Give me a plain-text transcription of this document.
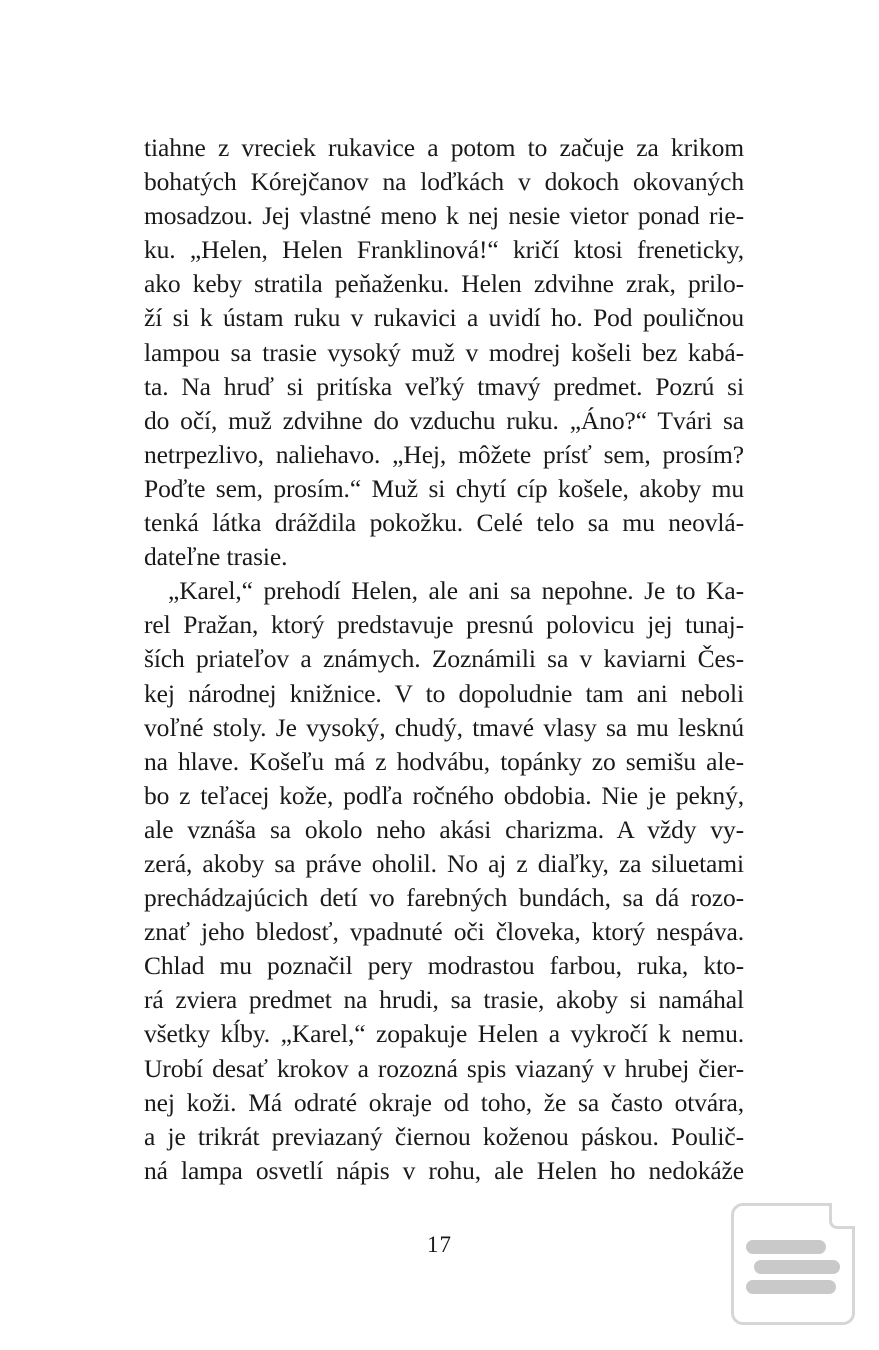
tiahne z vreciek rukavice a potom to začuje za krikom
bohatých Kórejčanov na loďkách v dokoch okovaných
mosadzou. Jej vlastné meno k nej nesie vietor ponad rie-
ku. „Helen, Helen Franklinová!“ kričí ktosi freneticky,
ako keby stratila peňaženku. Helen zdvihne zrak, prilo-
ží si k ústam ruku v rukavici a uvidí ho. Pod pouličnou
lampou sa trasie vysoký muž v modrej košeli bez kabá-
ta. Na hruď si pritíska veľký tmavý predmet. Pozrú si
do očí, muž zdvihne do vzduchu ruku. „Áno?“ Tvári sa
netrpezlivo, naliehavo. „Hej, môžete prísť sem, prosím?
Poďte sem, prosím.“ Muž si chytí cíp košele, akoby mu
tenká látka dráždila pokožku. Celé telo sa mu neovlá-
dateľne trasie.
„Karel,“ prehodí Helen, ale ani sa nepohne. Je to Ka-
rel Pražan, ktorý predstavuje presnú polovicu jej tunaj-
ších priateľov a známych. Zoznámili sa v kaviarni Čes-
kej národnej knižnice. V to dopoludnie tam ani neboli
voľné stoly. Je vysoký, chudý, tmavé vlasy sa mu lesknú
na hlave. Košeľu má z hodvábu, topánky zo semišu ale-
bo z teľacej kože, podľa ročného obdobia. Nie je pekný,
ale vznáša sa okolo neho akási charizma. A vždy vy-
zerá, akoby sa práve oholil. No aj z diaľky, za siluetami
prechádzajúcich detí vo farebných bundách, sa dá rozo-
znať jeho bledosť, vpadnuté oči človeka, ktorý nespáva.
Chlad mu poznačil pery modrastou farbou, ruka, kto-
rá zviera predmet na hrudi, sa trasie, akoby si namáhal
všetky kĺby. „Karel,“ zopakuje Helen a vykročí k nemu.
Urobí desať krokov a rozozná spis viazaný v hrubej čier-
nej koži. Má odraté okraje od toho, že sa často otvára,
a je trikrát previazaný čiernou koženou páskou. Poulič-
ná lampa osvetlí nápis v rohu, ale Helen ho nedokáže
17
